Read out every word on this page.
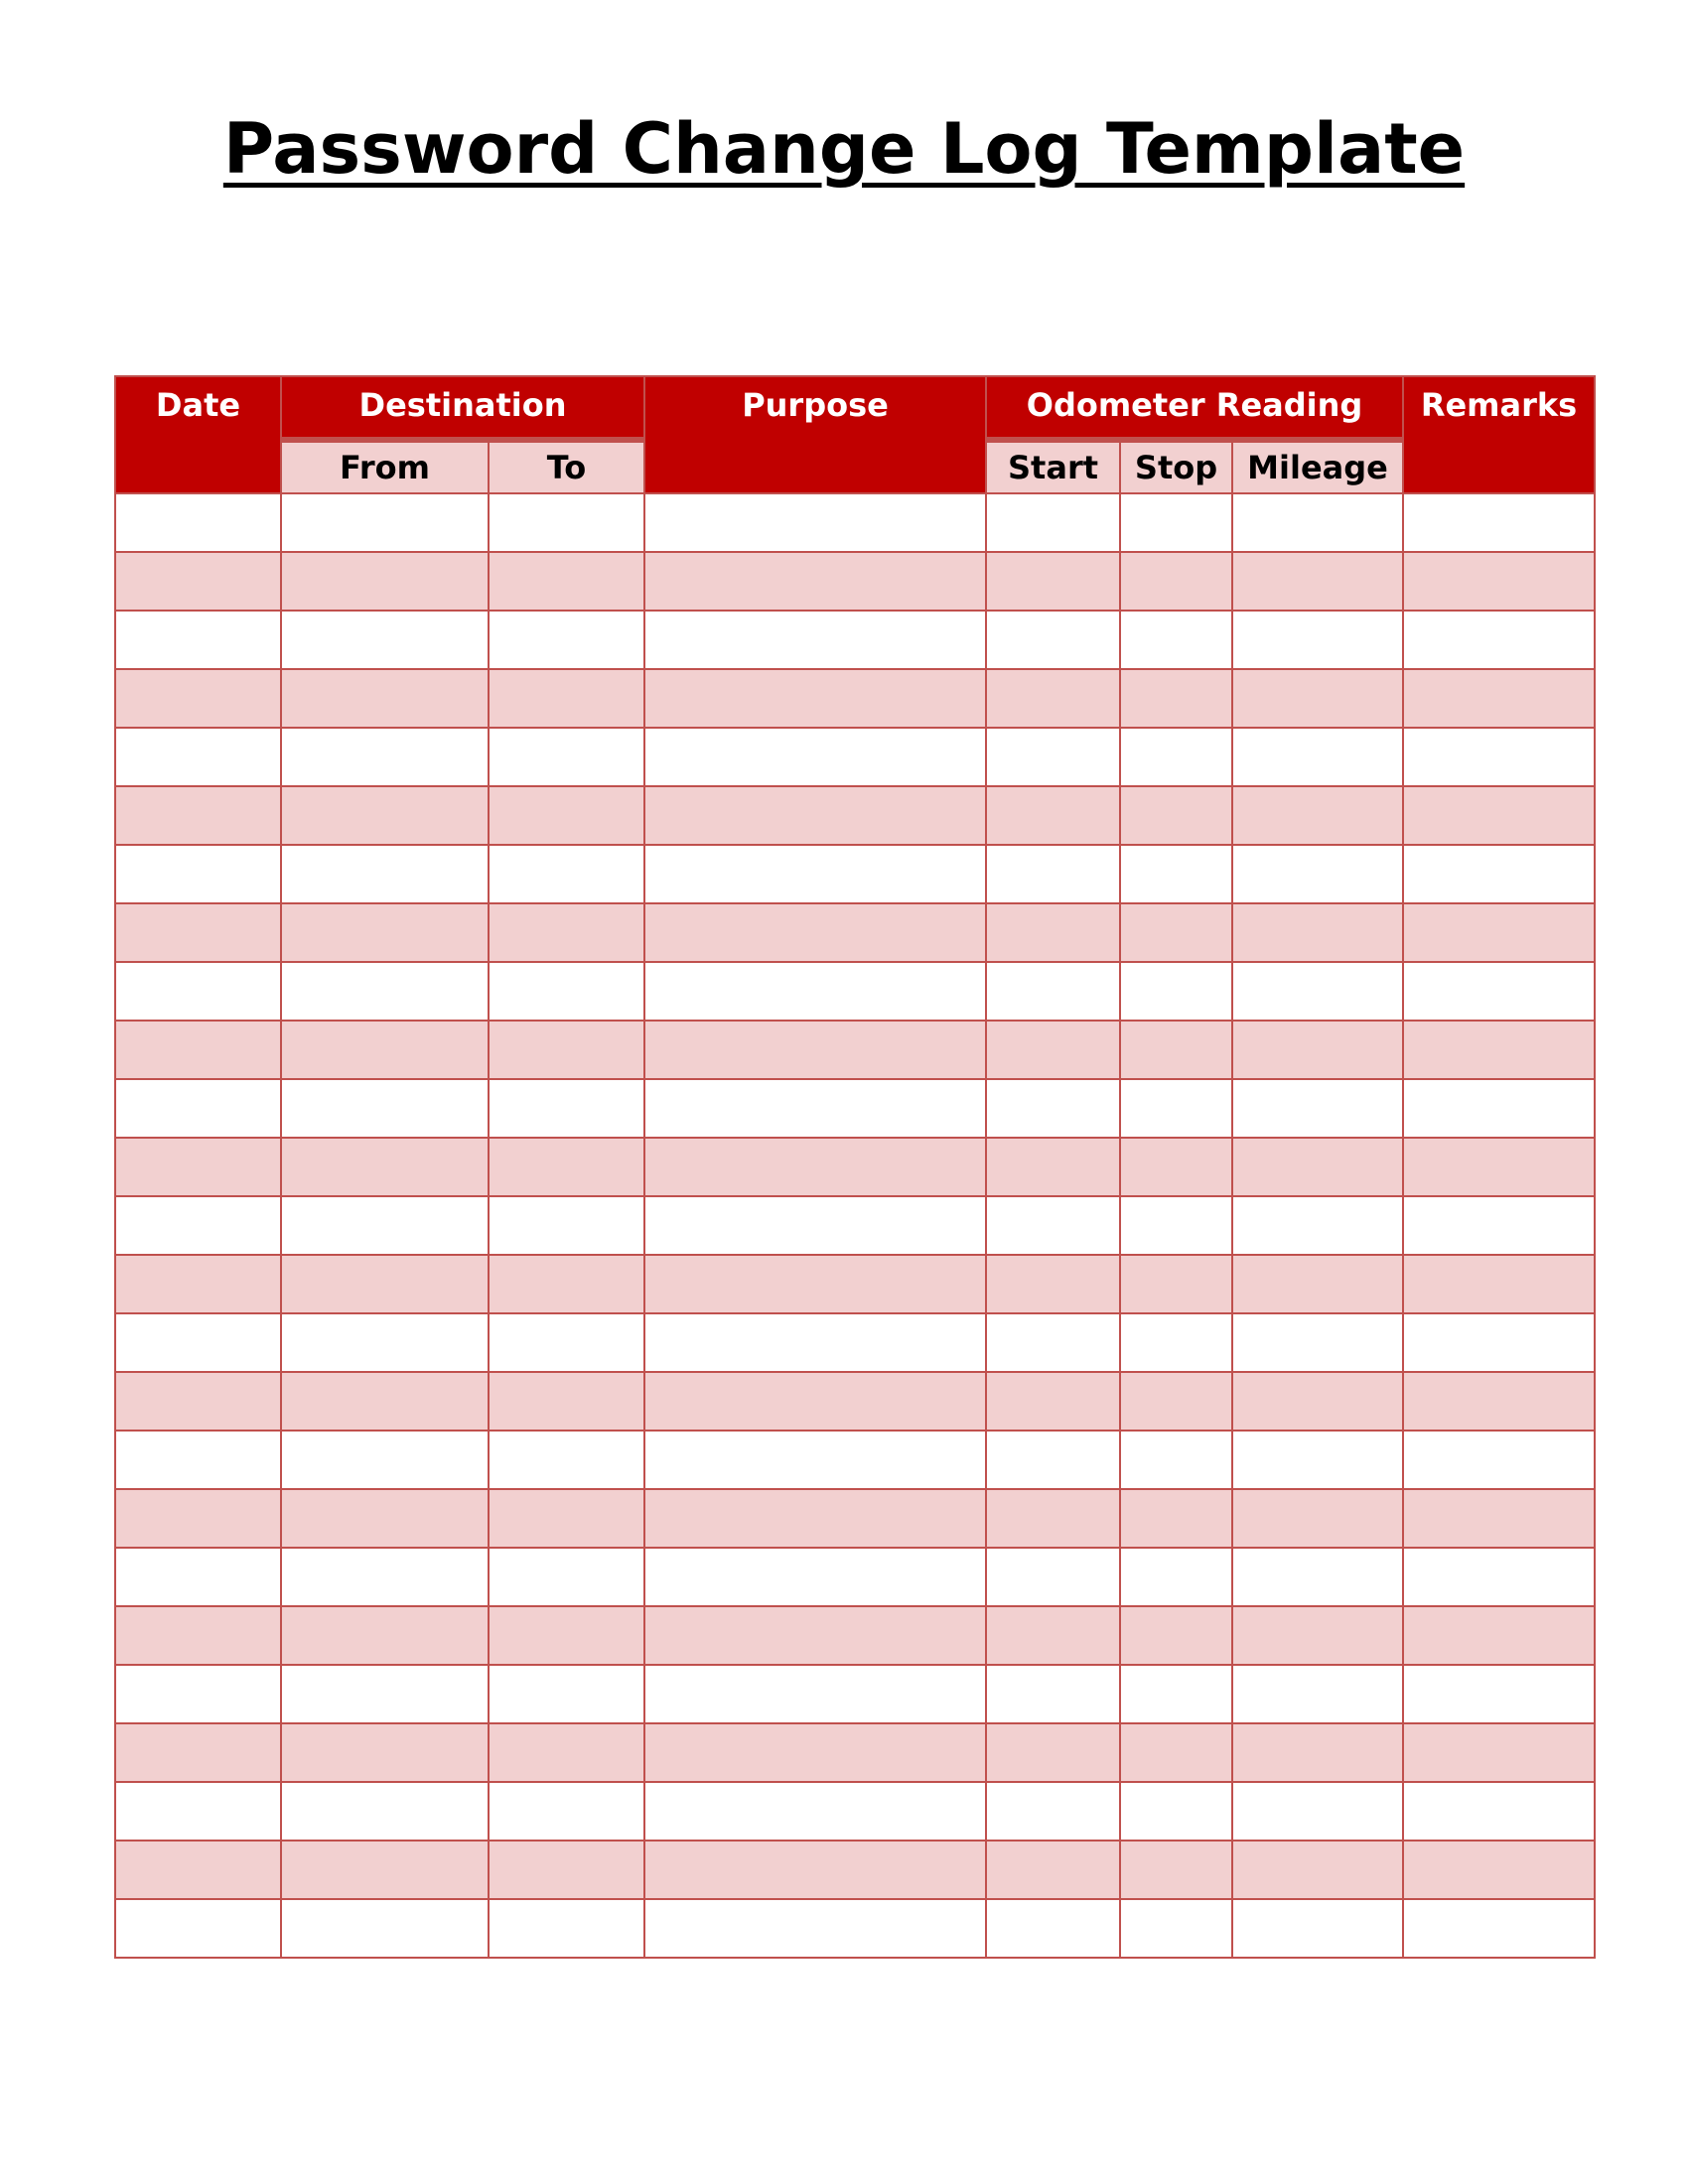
Password Change Log Template
Date	Destination		Purpose	Odometer Reading			Remarks
	From	To		Start	Stop	Mileage	
